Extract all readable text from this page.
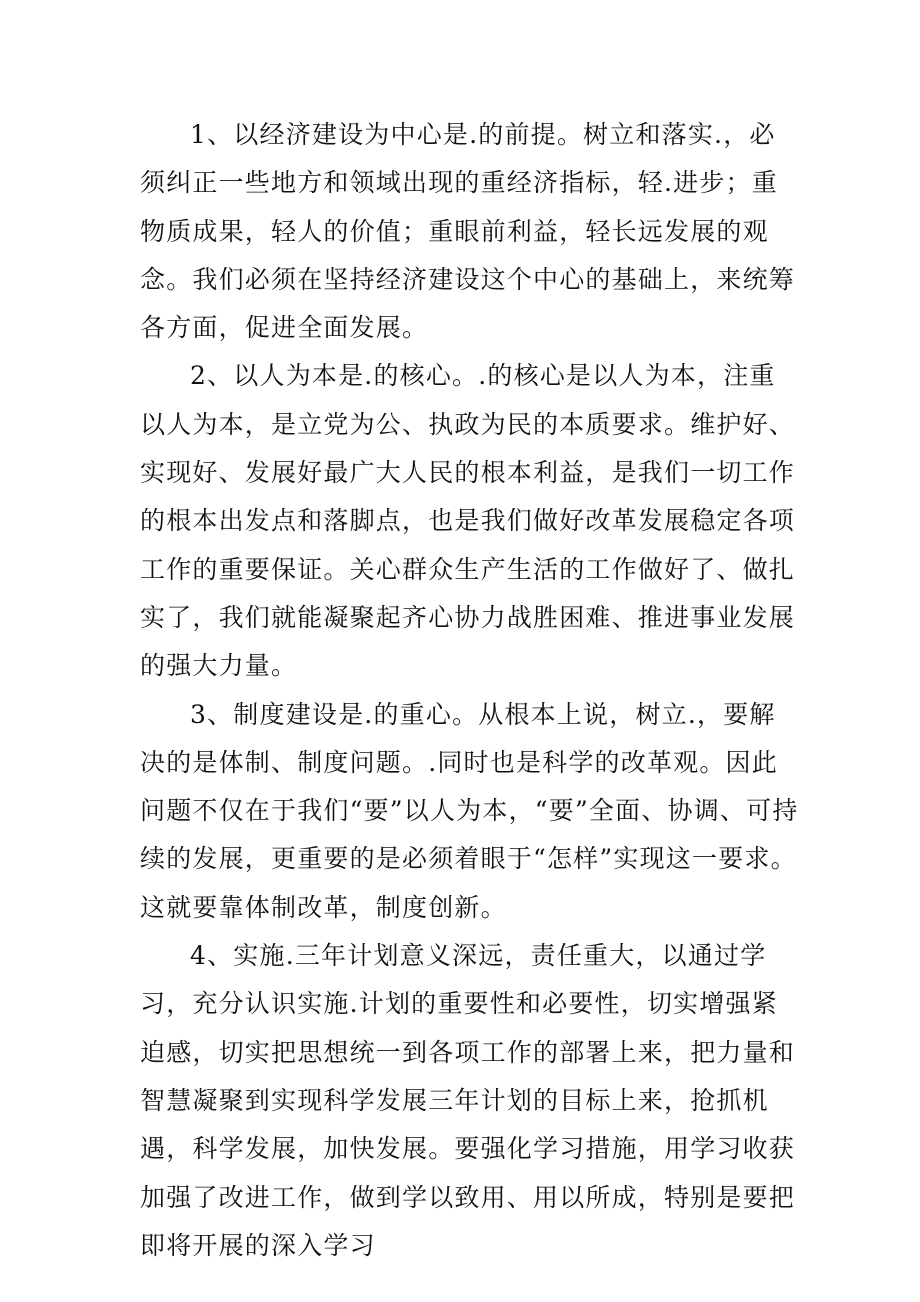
1、以经济建设为中心是.的前提。树立和落实.，必须纠正一些地方和领域出现的重经济指标，轻.进步；重物质成果，轻人的价值；重眼前利益，轻长远发展的观念。我们必须在坚持经济建设这个中心的基础上，来统筹各方面，促进全面发展。

2、以人为本是.的核心。.的核心是以人为本，注重以人为本，是立党为公、执政为民的本质要求。维护好、实现好、发展好最广大人民的根本利益，是我们一切工作的根本出发点和落脚点，也是我们做好改革发展稳定各项工作的重要保证。关心群众生产生活的工作做好了、做扎实了，我们就能凝聚起齐心协力战胜困难、推进事业发展的强大力量。

3、制度建设是.的重心。从根本上说，树立.，要解决的是体制、制度问题。.同时也是科学的改革观。因此问题不仅在于我们“要”以人为本，“要”全面、协调、可持续的发展，更重要的是必须着眼于“怎样”实现这一要求。这就要靠体制改革，制度创新。

4、实施.三年计划意义深远，责任重大，以通过学习，充分认识实施.计划的重要性和必要性，切实增强紧迫感，切实把思想统一到各项工作的部署上来，把力量和智慧凝聚到实现科学发展三年计划的目标上来，抢抓机遇，科学发展，加快发展。要强化学习措施，用学习收获加强了改进工作，做到学以致用、用以所成，特别是要把即将开展的深入学习
